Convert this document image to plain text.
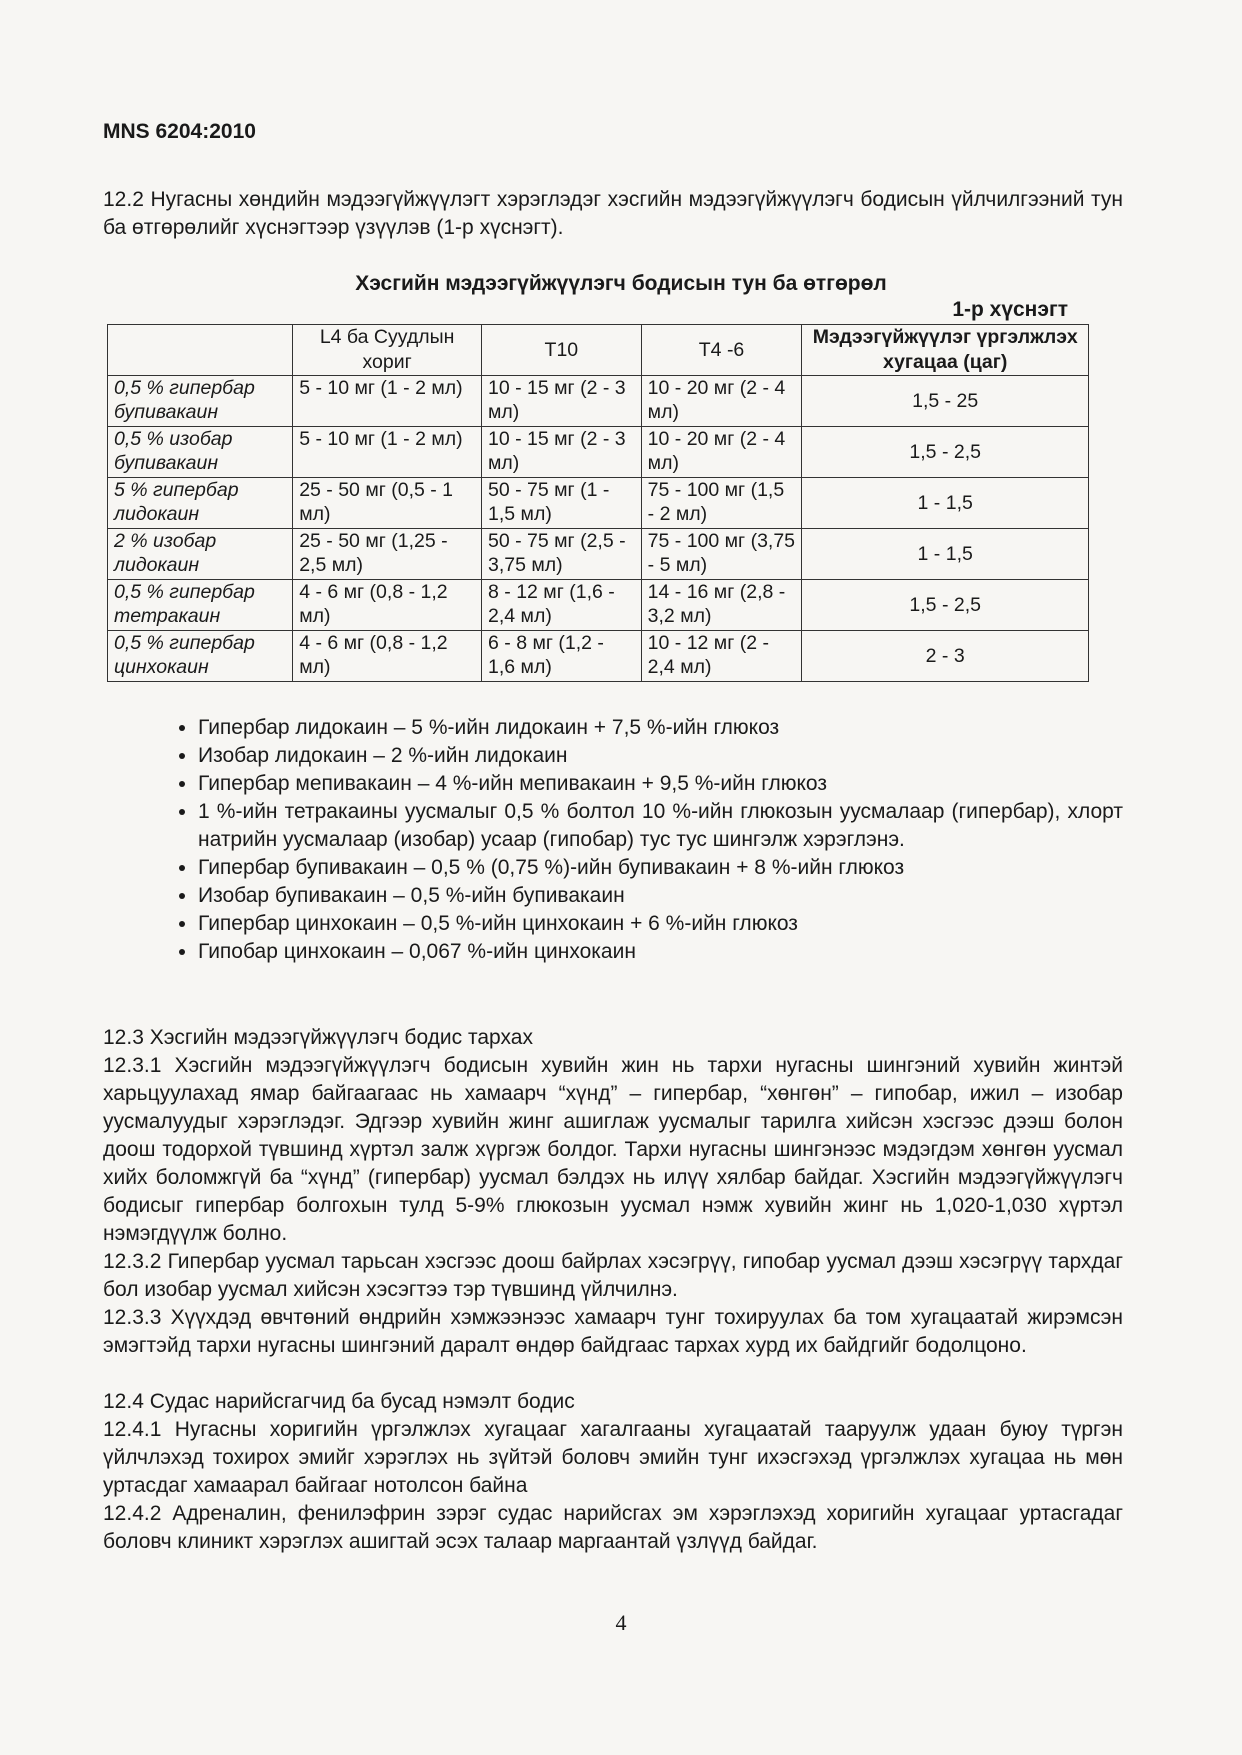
MNS 6204:2010
12.2 Нугасны хөндийн мэдээгүйжүүлэгт хэрэглэдэг хэсгийн мэдээгүйжүүлэгч бодисын үйлчилгээний тун ба өтгөрөлийг хүснэгтээр үзүүлэв (1-р хүснэгт).
Хэсгийн мэдээгүйжүүлэгч бодисын тун ба өтгөрөл
1-р хүснэгт
	L4 ба Суудлын хориг	T10	T4 -6	Мэдээгүйжүүлэг үргэлжлэх хугацаа (цаг)
0,5 % гипербар бупивакаин	5 - 10 мг (1 - 2 мл)	10 - 15 мг (2 - 3 мл)	10 - 20 мг (2 - 4 мл)	1,5 - 25
0,5 % изобар бупивакаин	5 - 10 мг (1 - 2 мл)	10 - 15 мг (2 - 3 мл)	10 - 20 мг (2 - 4 мл)	1,5 - 2,5
5 % гипербар лидокаин	25 - 50 мг (0,5 - 1 мл)	50 - 75 мг (1 - 1,5 мл)	75 - 100 мг (1,5 - 2 мл)	1 - 1,5
2 % изобар лидокаин	25 - 50 мг (1,25 - 2,5 мл)	50 - 75 мг (2,5 - 3,75 мл)	75 - 100 мг (3,75 - 5 мл)	1 - 1,5
0,5 % гипербар тетракаин	4 - 6 мг (0,8 - 1,2 мл)	8 - 12 мг (1,6 - 2,4 мл)	14 - 16 мг (2,8 - 3,2 мл)	1,5 - 2,5
0,5 % гипербар цинхокаин	4 - 6 мг (0,8 - 1,2 мл)	6 - 8 мг (1,2 - 1,6 мл)	10 - 12 мг (2 - 2,4 мл)	2 - 3
• Гипербар лидокаин – 5 %-ийн лидокаин + 7,5 %-ийн глюкоз
• Изобар лидокаин – 2 %-ийн лидокаин
• Гипербар мепивакаин – 4 %-ийн мепивакаин + 9,5 %-ийн глюкоз
• 1 %-ийн тетракаины уусмалыг 0,5 % болтол 10 %-ийн глюкозын уусмалаар (гипербар), хлорт натрийн уусмалаар (изобар) усаар (гипобар) тус тус шингэлж хэрэглэнэ.
• Гипербар бупивакаин – 0,5 % (0,75 %)-ийн бупивакаин + 8 %-ийн глюкоз
• Изобар бупивакаин – 0,5 %-ийн бупивакаин
• Гипербар цинхокаин – 0,5 %-ийн цинхокаин + 6 %-ийн глюкоз
• Гипобар цинхокаин – 0,067 %-ийн цинхокаин

12.3 Хэсгийн мэдээгүйжүүлэгч бодис тархах

12.3.1 Хэсгийн мэдээгүйжүүлэгч бодисын хувийн жин нь тархи нугасны шингэний хувийн жинтэй харьцуулахад ямар байгаагаас нь хамаарч “хүнд” – гипербар, “хөнгөн” – гипобар, ижил – изобар уусмалуудыг хэрэглэдэг. Эдгээр хувийн жинг ашиглаж уусмалыг тарилга хийсэн хэсгээс дээш болон доош тодорхой түвшинд хүртэл залж хүргэж болдог. Тархи нугасны шингэнээс мэдэгдэм хөнгөн уусмал хийх боломжгүй ба “хүнд” (гипербар) уусмал бэлдэх нь илүү хялбар байдаг. Хэсгийн мэдээгүйжүүлэгч бодисыг гипербар болгохын тулд 5-9% глюкозын уусмал нэмж хувийн жинг нь 1,020-1,030 хүртэл нэмэгдүүлж болно.

12.3.2 Гипербар уусмал тарьсан хэсгээс доош байрлах хэсэгрүү, гипобар уусмал дээш хэсэгрүү тархдаг бол изобар уусмал хийсэн хэсэгтээ тэр түвшинд үйлчилнэ.

12.3.3 Хүүхдэд өвчтөний өндрийн хэмжээнээс хамаарч тунг тохируулах ба том хугацаатай жирэмсэн эмэгтэйд тархи нугасны шингэний даралт өндөр байдгаас тархах хурд их байдгийг бодолцоно.

12.4 Судас нарийсгагчид ба бусад нэмэлт бодис

12.4.1 Нугасны хоригийн үргэлжлэх хугацааг хагалгааны хугацаатай тааруулж удаан буюу түргэн үйлчлэхэд тохирох эмийг хэрэглэх нь зүйтэй боловч эмийн тунг ихэсгэхэд үргэлжлэх хугацаа нь мөн уртасдаг хамаарал байгааг нотолсон байна

12.4.2 Адреналин, фенилэфрин зэрэг судас нарийсгах эм хэрэглэхэд хоригийн хугацааг уртасгадаг боловч клиникт хэрэглэх ашигтай эсэх талаар маргаантай үзлүүд байдаг.

4
